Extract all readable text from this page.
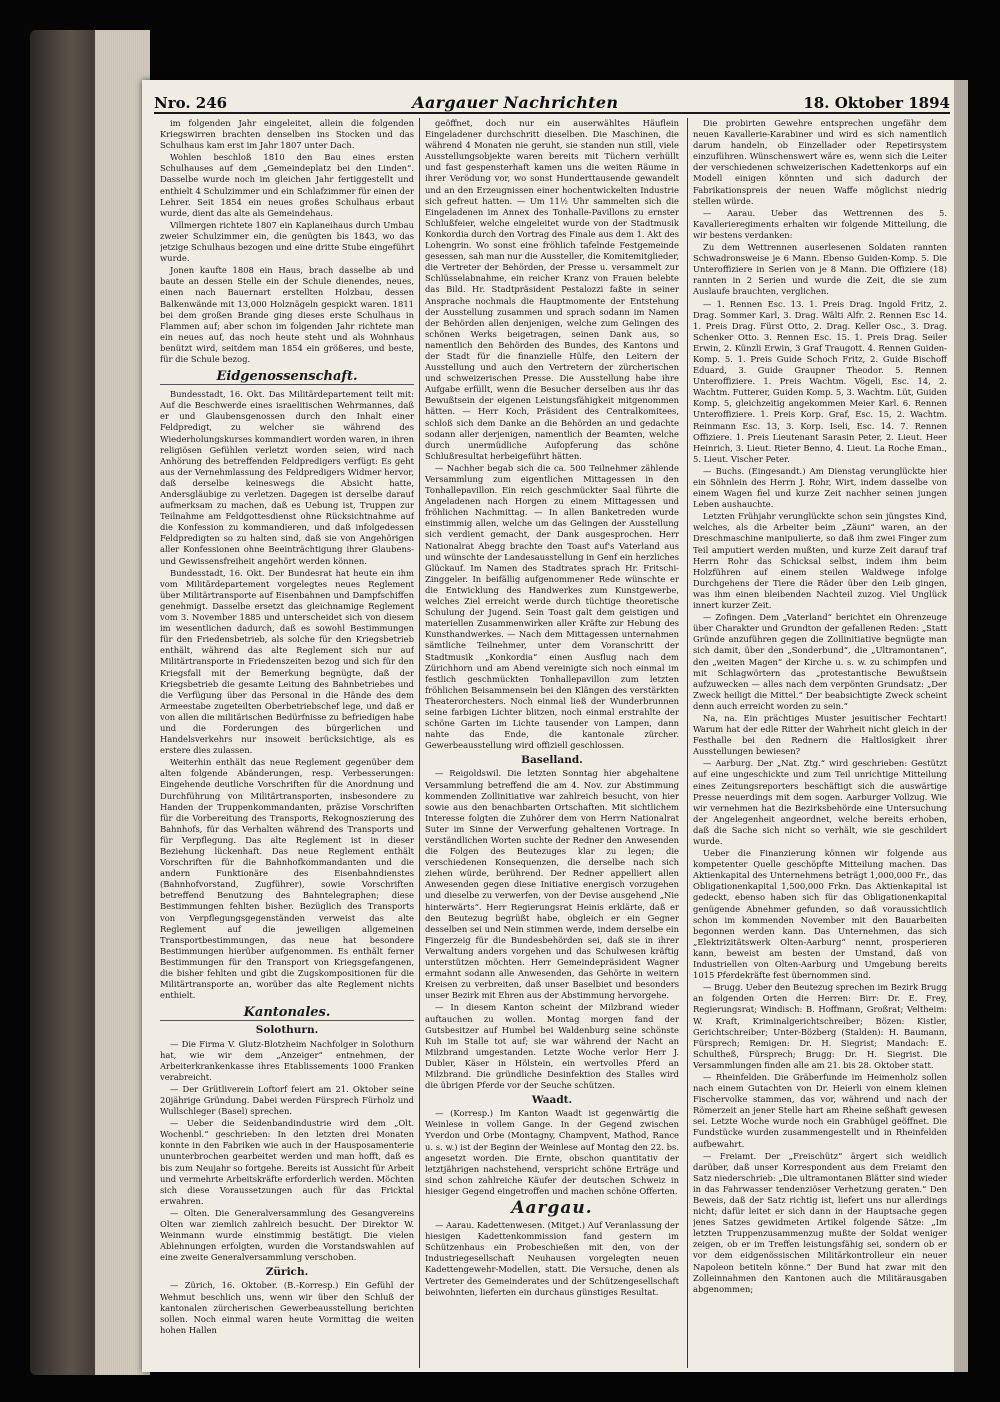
Nro. 246	Aargauer Nachrichten	18. Oktober 1894

im folgenden Jahr eingeleitet, allein die folgenden Kriegswirren brachten denselben ins Stocken und das Schulhaus kam erst im Jahr 1807 unter Dach.

Wohlen beschloß 1810 den Bau eines ersten Schulhauses auf dem „Gemeindeplatz bei den Linden“. Dasselbe wurde noch im gleichen Jahr fertiggestellt und enthielt 4 Schulzimmer und ein Schlafzimmer für einen der Lehrer. Seit 1854 ein neues großes Schulhaus erbaut wurde, dient das alte als Gemeindehaus.

Villmergen richtete 1807 ein Kaplaneihaus durch Umbau zweier Schulzimmer ein, die genügten bis 1843, wo das jetzige Schulhaus bezogen und eine dritte Stube eingeführt wurde.

Jonen kaufte 1808 ein Haus, brach dasselbe ab und baute an dessen Stelle ein der Schule dienendes, neues, einen nach Bauernart erstellten Holzbau, dessen Balkenwände mit 13,000 Holznägeln gespickt waren. 1811 bei dem großen Brande ging dieses erste Schulhaus in Flammen auf; aber schon im folgenden Jahr richtete man ein neues auf, das noch heute steht und als Wohnhaus benützt wird, seitdem man 1854 ein größeres, und beste, für die Schule bezog.

Eidgenossenschaft.

Bundesstadt, 16. Okt. Das Militärdepartement teilt mit: Auf die Beschwerde eines israelitischen Wehrmannes, daß er und Glaubensgenossen durch den Inhalt einer Feldpredigt, zu welcher sie während des Wiederholungskurses kommandiert worden waren, in ihren religiösen Gefühlen verletzt worden seien, wird nach Anhörung des betreffenden Feldpredigers verfügt: Es geht aus der Vernehmlassung des Feldpredigers Widmer hervor, daß derselbe keineswegs die Absicht hatte, Andersgläubige zu verletzen. Dagegen ist derselbe darauf aufmerksam zu machen, daß es Uebung ist, Truppen zur Teilnahme am Feldgottesdienst ohne Rücksichtnahme auf die Konfession zu kommandieren, und daß infolgedessen Feldpredigten so zu halten sind, daß sie von Angehörigen aller Konfessionen ohne Beeinträchtigung ihrer Glaubens- und Gewissensfreiheit angehört werden können.

Bundesstadt, 16. Okt. Der Bundesrat hat heute ein ihm vom Militärdepartement vorgelegtes neues Reglement über Militärtransporte auf Eisenbahnen und Dampfschiffen genehmigt. Dasselbe ersetzt das gleichnamige Reglement vom 3. November 1885 und unterscheidet sich von diesem im wesentlichen dadurch, daß es sowohl Bestimmungen für den Friedensbetrieb, als solche für den Kriegsbetrieb enthält, während das alte Reglement sich nur auf Militärtransporte in Friedenszeiten bezog und sich für den Kriegsfall mit der Bemerkung begnügte, daß der Kriegsbetrieb die gesamte Leitung des Bahnbetriebes und die Verfügung über das Personal in die Hände des dem Armeestabe zugeteilten Oberbetriebschef lege, und daß er von allen die militärischen Bedürfnisse zu befriedigen habe und die Forderungen des bürgerlichen und Handelsverkehrs nur insoweit berücksichtige, als es erstere dies zulassen.

Weiterhin enthält das neue Reglement gegenüber dem alten folgende Abänderungen, resp. Verbesserungen: Eingehende deutliche Vorschriften für die Anordnung und Durchführung von Militärtransporten, insbesondere zu Handen der Truppenkommandanten, präzise Vorschriften für die Vorbereitung des Transports, Rekognoszierung des Bahnhofs, für das Verhalten während des Transports und für Verpflegung. Das alte Reglement ist in dieser Beziehung lückenhaft. Das neue Reglement enthält Vorschriften für die Bahnhofkommandanten und die andern Funktionäre des Eisenbahndienstes (Bahnhofvorstand, Zugführer), sowie Vorschriften betreffend Benutzung des Bahntelegraphen; diese Bestimmungen fehlten bisher. Bezüglich des Transports von Verpflegungsgegenständen verweist das alte Reglement auf die jeweiligen allgemeinen Transportbestimmungen, das neue hat besondere Bestimmungen hierüber aufgenommen. Es enthält ferner Bestimmungen für den Transport von Kriegsgefangenen, die bisher fehlten und gibt die Zugskompositionen für die Militärtransporte an, worüber das alte Reglement nichts enthielt.

Kantonales.
Solothurn.

— Die Firma V. Glutz-Blotzheim Nachfolger in Solothurn hat, wie wir dem „Anzeiger“ entnehmen, der Arbeiterkrankenkasse ihres Etablissements 1000 Franken verabreicht.

— Der Grütliverein Loftorf feiert am 21. Oktober seine 20jährige Gründung. Dabei werden Fürsprech Fürholz und Wullschleger (Basel) sprechen.

— Ueber die Seidenbandindustrie wird dem „Olt. Wochenbl.“ geschrieben: In den letzten drei Monaten konnte in den Fabriken wie auch in der Hausposamenterie ununterbrochen gearbeitet werden und man hofft, daß es bis zum Neujahr so fortgehe. Bereits ist Aussicht für Arbeit und vermehrte Arbeitskräfte erforderlich werden. Möchten sich diese Voraussetzungen auch für das Fricktal erwahren.

— Olten. Die Generalversammlung des Gesangvereins Olten war ziemlich zahlreich besucht. Der Direktor W. Weinmann wurde einstimmig bestätigt. Die vielen Ablehnungen erfolgten, wurden die Vorstandswahlen auf eine zweite Generalversammlung verschoben.

Zürich.

— Zürich, 16. Oktober. (B.-Korresp.) Ein Gefühl der Wehmut beschlich uns, wenn wir über den Schluß der kantonalen zürcherischen Gewerbeausstellung berichten sollen. Noch einmal waren heute Vormittag die weiten hohen Hallen

geöffnet, doch nur ein auserwähltes Häuflein Eingeladener durchschritt dieselben. Die Maschinen, die während 4 Monaten nie geruht, sie standen nun still, viele Ausstellungsobjekte waren bereits mit Tüchern verhüllt und fast gespensterhaft kamen uns die weiten Räume in ihrer Verödung vor, wo sonst Hunderttausende gewandelt und an den Erzeugnissen einer hochentwickelten Industrie sich gefreut hatten. — Um 11½ Uhr sammelten sich die Eingeladenen im Annex des Tonhalle-Pavillons zu ernster Schlußfeier, welche eingeleitet wurde von der Stadtmusik Konkordia durch den Vortrag des Finale aus dem 1. Akt des Lohengrin. Wo sonst eine fröhlich tafelnde Festgemeinde gesessen, sah man nur die Aussteller, die Komitemitglieder, die Vertreter der Behörden, der Presse u. versammelt zur Schlüsselabnahme, ein reicher Kranz von Frauen belebte das Bild. Hr. Stadtpräsident Pestalozzi faßte in seiner Ansprache nochmals die Hauptmomente der Entstehung der Ausstellung zusammen und sprach sodann im Namen der Behörden allen denjenigen, welche zum Gelingen des schönen Werks beigetragen, seinen Dank aus, so namentlich den Behörden des Bundes, des Kantons und der Stadt für die finanzielle Hülfe, den Leitern der Ausstellung und auch den Vertretern der zürcherischen und schweizerischen Presse. Die Ausstellung habe ihre Aufgabe erfüllt, wenn die Besucher derselben aus ihr das Bewußtsein der eigenen Leistungsfähigkeit mitgenommen hätten. — Herr Koch, Präsident des Centralkomitees, schloß sich dem Danke an die Behörden an und gedachte sodann aller derjenigen, namentlich der Beamten, welche durch unermüdliche Aufopferung das schöne Schlußresultat herbeigeführt hätten.

— Nachher begab sich die ca. 500 Teilnehmer zählende Versammlung zum eigentlichen Mittagessen in den Tonhallepavillon. Ein reich geschmückter Saal führte die Angeladenen nach Horgen zu einem Mittagessen und fröhlichen Nachmittag. — In allen Banketreden wurde einstimmig allen, welche um das Gelingen der Ausstellung sich verdient gemacht, der Dank ausgesprochen. Herr Nationalrat Abegg brachte den Toast auf's Vaterland aus und wünschte der Landesausstellung in Genf ein herzliches Glückauf. Im Namen des Stadtrates sprach Hr. Fritschi-Zinggeler. In beifällig aufgenommener Rede wünschte er die Entwicklung des Handwerkes zum Kunstgewerbe, welches Ziel erreicht werde durch tüchtige theoretische Schulung der Jugend. Sein Toast galt dem geistigen und materiellen Zusammenwirken aller Kräfte zur Hebung des Kunsthandwerkes. — Nach dem Mittagessen unternahmen sämtliche Teilnehmer, unter dem Voranschritt der Stadtmusik „Konkordia“ einen Ausflug nach dem Zürichhorn und am Abend vereinigte sich noch einmal im festlich geschmückten Tonhallepavillon zum letzten fröhlichen Beisammensein bei den Klängen des verstärkten Theaterorchesters. Noch einmal ließ der Wunderbrunnen seine farbigen Lichter blitzen, noch einmal erstrahlte der schöne Garten im Lichte tausender von Lampen, dann nahte das Ende, die kantonale zürcher. Gewerbeausstellung wird offiziell geschlossen.

Baselland.

— Reigoldswil. Die letzten Sonntag hier abgehaltene Versammlung betreffend die am 4. Nov. zur Abstimmung kommenden Zollinitiative war zahlreich besucht, von hier sowie aus den benachbarten Ortschaften. Mit sichtlichem Interesse folgten die Zuhörer dem von Herrn Nationalrat Suter im Sinne der Verwerfung gehaltenen Vortrage. In verständlichen Worten suchte der Redner den Anwesenden die Folgen des Beutezuges klar zu legen; die verschiedenen Konsequenzen, die derselbe nach sich ziehen würde, berührend. Der Redner appelliert allen Anwesenden gegen diese Initiative energisch vorzugehen und dieselbe zu verwerfen, von der Devise ausgehend „Nie hinterwärts“. Herr Regierungsrat Heinis erklärte, daß er den Beutezug begrüßt habe, obgleich er ein Gegner desselben sei und Nein stimmen werde, indem derselbe ein Fingerzeig für die Bundesbehörden sei, daß sie in ihrer Verwaltung anders vorgehen und das Schulwesen kräftig unterstützen möchten. Herr Gemeindepräsident Wagner ermahnt sodann alle Anwesenden, das Gehörte in weitern Kreisen zu verbreiten, daß unser Baselbiet und besonders unser Bezirk mit Ehren aus der Abstimmung hervorgehe.

— In diesem Kanton scheint der Milzbrand wieder auftauchen zu wollen. Montag morgen fand der Gutsbesitzer auf Humbel bei Waldenburg seine schönste Kuh im Stalle tot auf; sie war während der Nacht an Milzbrand umgestanden. Letzte Woche verlor Herr J. Dubler, Käser in Hölstein, ein wertvolles Pferd an Milzbrand. Die gründliche Desinfektion des Stalles wird die übrigen Pferde vor der Seuche schützen.

Waadt.

— (Korresp.) Im Kanton Waadt ist gegenwärtig die Weinlese in vollem Gange. In der Gegend zwischen Yverdon und Orbe (Montagny, Champvent, Mathod, Rance u. s. w.) ist der Beginn der Weinlese auf Montag den 22. bs. angesetzt worden. Die Ernte, obschon quantitativ der letztjährigen nachstehend, verspricht schöne Erträge und sind schon zahlreiche Käufer der deutschen Schweiz in hiesiger Gegend eingetroffen und machen schöne Offerten.

Aargau.

— Aarau. Kadettenwesen. (Mitget.) Auf Veranlassung der hiesigen Kadettenkommission fand gestern im Schützenhaus ein Probeschießen mit den, von der Industriegesellschaft Neuhausen vorgelegten neuen Kadettengewehr-Modellen, statt. Die Versuche, denen als Vertreter des Gemeinderates und der Schützengesellschaft beiwohnten, lieferten ein durchaus günstiges Resultat.

Die probirten Gewehre entsprechen ungefähr dem neuen Kavallerie-Karabiner und wird es sich namentlich darum handeln, ob Einzellader oder Repetirsystem einzuführen. Wünschenswert wäre es, wenn sich die Leiter der verschiedenen schweizerischen Kadettenkorps auf ein Modell einigen könnten und sich dadurch der Fabrikationspreis der neuen Waffe möglichst niedrig stellen würde.

— Aarau. Ueber das Wettrennen des 5. Kavallerieregiments erhalten wir folgende Mitteilung, die wir bestens verdanken:

Zu dem Wettrennen auserlesenen Soldaten rannten Schwadronsweise je 6 Mann. Ebenso Guiden-Komp. 5. Die Unteroffiziere in Serien von je 8 Mann. Die Offiziere (18) rannten in 2 Serien und wurde die Zeit, die sie zum Auslaufe brauchten, verglichen.

— 1. Rennen Esc. 13. 1. Preis Drag. Ingold Fritz, 2. Drag. Sommer Karl, 3. Drag. Wälti Alfr. 2. Rennen Esc 14. 1. Preis Drag. Fürst Otto, 2. Drag. Keller Osc., 3. Drag. Schenker Otto. 3. Rennen Esc. 15. 1. Preis Drag. Seiler Erwin, 2. Künzli Erwin, 3 Graf Traugott. 4. Rennen Guiden-Komp. 5. 1. Preis Guide Schoch Fritz, 2. Guide Bischoff Eduard, 3. Guide Graupner Theodor. 5. Rennen Unteroffiziere. 1. Preis Wachtm. Vögeli, Esc. 14, 2. Wachtm. Futterer, Guiden Komp. 5, 3. Wachtm. Lüt, Guiden Komp. 5, gleichzeitig angekommen Meier Karl. 6. Rennen Unteroffiziere. 1. Preis Korp. Graf, Esc. 15, 2. Wachtm. Reinmann Esc. 13, 3. Korp. Iseli, Esc. 14. 7. Rennen Offiziere. 1. Preis Lieutenant Sarasin Peter, 2. Lieut. Heer Heinrich, 3. Lieut. Rieter Benno, 4. Lieut. La Roche Eman., 5. Lieut. Vischer Peter.

— Buchs. (Eingesandt.) Am Dienstag verunglückte hier ein Söhnlein des Herrn J. Rohr, Wirt, indem dasselbe von einem Wagen fiel und kurze Zeit nachher seinen jungen Leben aushauchte.

Letzten Frühjahr verunglückte schon sein jüngstes Kind, welches, als die Arbeiter beim „Zäuni“ waren, an der Dreschmaschine manipulierte, so daß ihm zwei Finger zum Teil amputiert werden mußten, und kurze Zeit darauf traf Herrn Rohr das Schicksal selbst, indem ihm beim Holzführen auf einem steilen Waldwege infolge Durchgehens der Tiere die Räder über den Leib gingen, was ihm einen bleibenden Nachteil zuzog. Viel Unglück innert kurzer Zeit.

— Zofingen. Dem „Vaterland“ berichtet ein Ohrenzeuge über Charakter und Grundton der gefallenen Reden: „Statt Gründe anzuführen gegen die Zollinitiative begnügte man sich damit, über den „Sonderbund“, die „Ultramontanen“, den „weiten Magen“ der Kirche u. s. w. zu schimpfen und mit Schlagwörtern das „protestantische Bewußtsein aufzuwecken — alles nach dem verpönten Grundsatz: „Der Zweck heiligt die Mittel.“ Der beabsichtigte Zweck scheint denn auch erreicht worden zu sein.“

Na, na. Ein prächtiges Muster jesuitischer Fechtart! Warum hat der edle Ritter der Wahrheit nicht gleich in der Festhalle bei den Rednern die Haltlosigkeit ihrer Ausstellungen bewiesen?

— Aarburg. Der „Nat. Ztg.“ wird geschrieben: Gestützt auf eine ungeschickte und zum Teil unrichtige Mitteilung eines Zeitungsreporters beschäftigt sich die auswärtige Presse neuerdings mit dem sogen. Aarburger Vollzug. Wie wir vernehmen hat die Bezirksbehörde eine Untersuchung der Angelegenheit angeordnet, welche bereits erhoben, daß die Sache sich nicht so verhält, wie sie geschildert wurde.

Ueber die Finanzierung können wir folgende aus kompetenter Quelle geschöpfte Mitteilung machen. Das Aktienkapital des Unternehmens beträgt 1,000,000 Fr., das Obligationenkapital 1,500,000 Frkn. Das Aktienkapital ist gedeckt, ebenso haben sich für das Obligationenkapital genügende Abnehmer gefunden, so daß voraussichtlich schon im kommenden November mit den Bauarbeiten begonnen werden kann. Das Unternehmen, das sich „Elektrizitätswerk Olten-Aarburg“ nennt, prosperieren kann, beweist am besten der Umstand, daß von Industriellen von Olten-Aarburg und Umgebung bereits 1015 Pferdekräfte fest übernommen sind.

— Brugg. Ueber den Beutezug sprechen im Bezirk Brugg an folgenden Orten die Herren: Birr: Dr. E. Frey, Regierungsrat; Windisch: B. Hoffmann, Großrat; Veltheim: W. Kraft, Kriminalgerichtschreiber; Bözen: Kistler, Gerichtschreiber; Unter-Bözberg (Stalden): H. Baumann, Fürsprech; Remigen: Dr. H. Siegrist; Mandach: E. Schultheß, Fürsprech; Brugg: Dr. H. Siegrist. Die Versammlungen finden alle am 21. bis 28. Oktober statt.

— Rheinfelden. Die Gräberfunde im Heimenholz sollen nach einem Gutachten von Dr. Heierli von einem kleinen Fischervolke stammen, das vor, während und nach der Römerzeit an jener Stelle hart am Rheine seßhaft gewesen sei. Letzte Woche wurde noch ein Grabhügel geöffnet. Die Fundstücke wurden zusammengestellt und in Rheinfelden aufbewahrt.

— Freiamt. Der „Freischütz“ ärgert sich weidlich darüber, daß unser Korrespondent aus dem Freiamt den Satz niederschrieb: „Die ultramontanen Blätter sind wieder in das Fahrwasser tendenziöser Verhetzung geraten.“ Den Beweis, daß der Satz richtig ist, liefert uns nur allerdings nicht; dafür leitet er sich dann in der Hauptsache gegen jenes Satzes gewidmeten Artikel folgende Sätze: „Im letzten Truppenzusammenzug mußte der Soldat weniger zeigen, ob er im Treffen leistungsfähig sei, sondern ob er vor dem eidgenössischen Militärkontrolleur ein neuer Napoleon betiteln könne.“ Der Bund hat zwar mit den Zolleinnahmen den Kantonen auch die Militärausgaben abgenommen;
